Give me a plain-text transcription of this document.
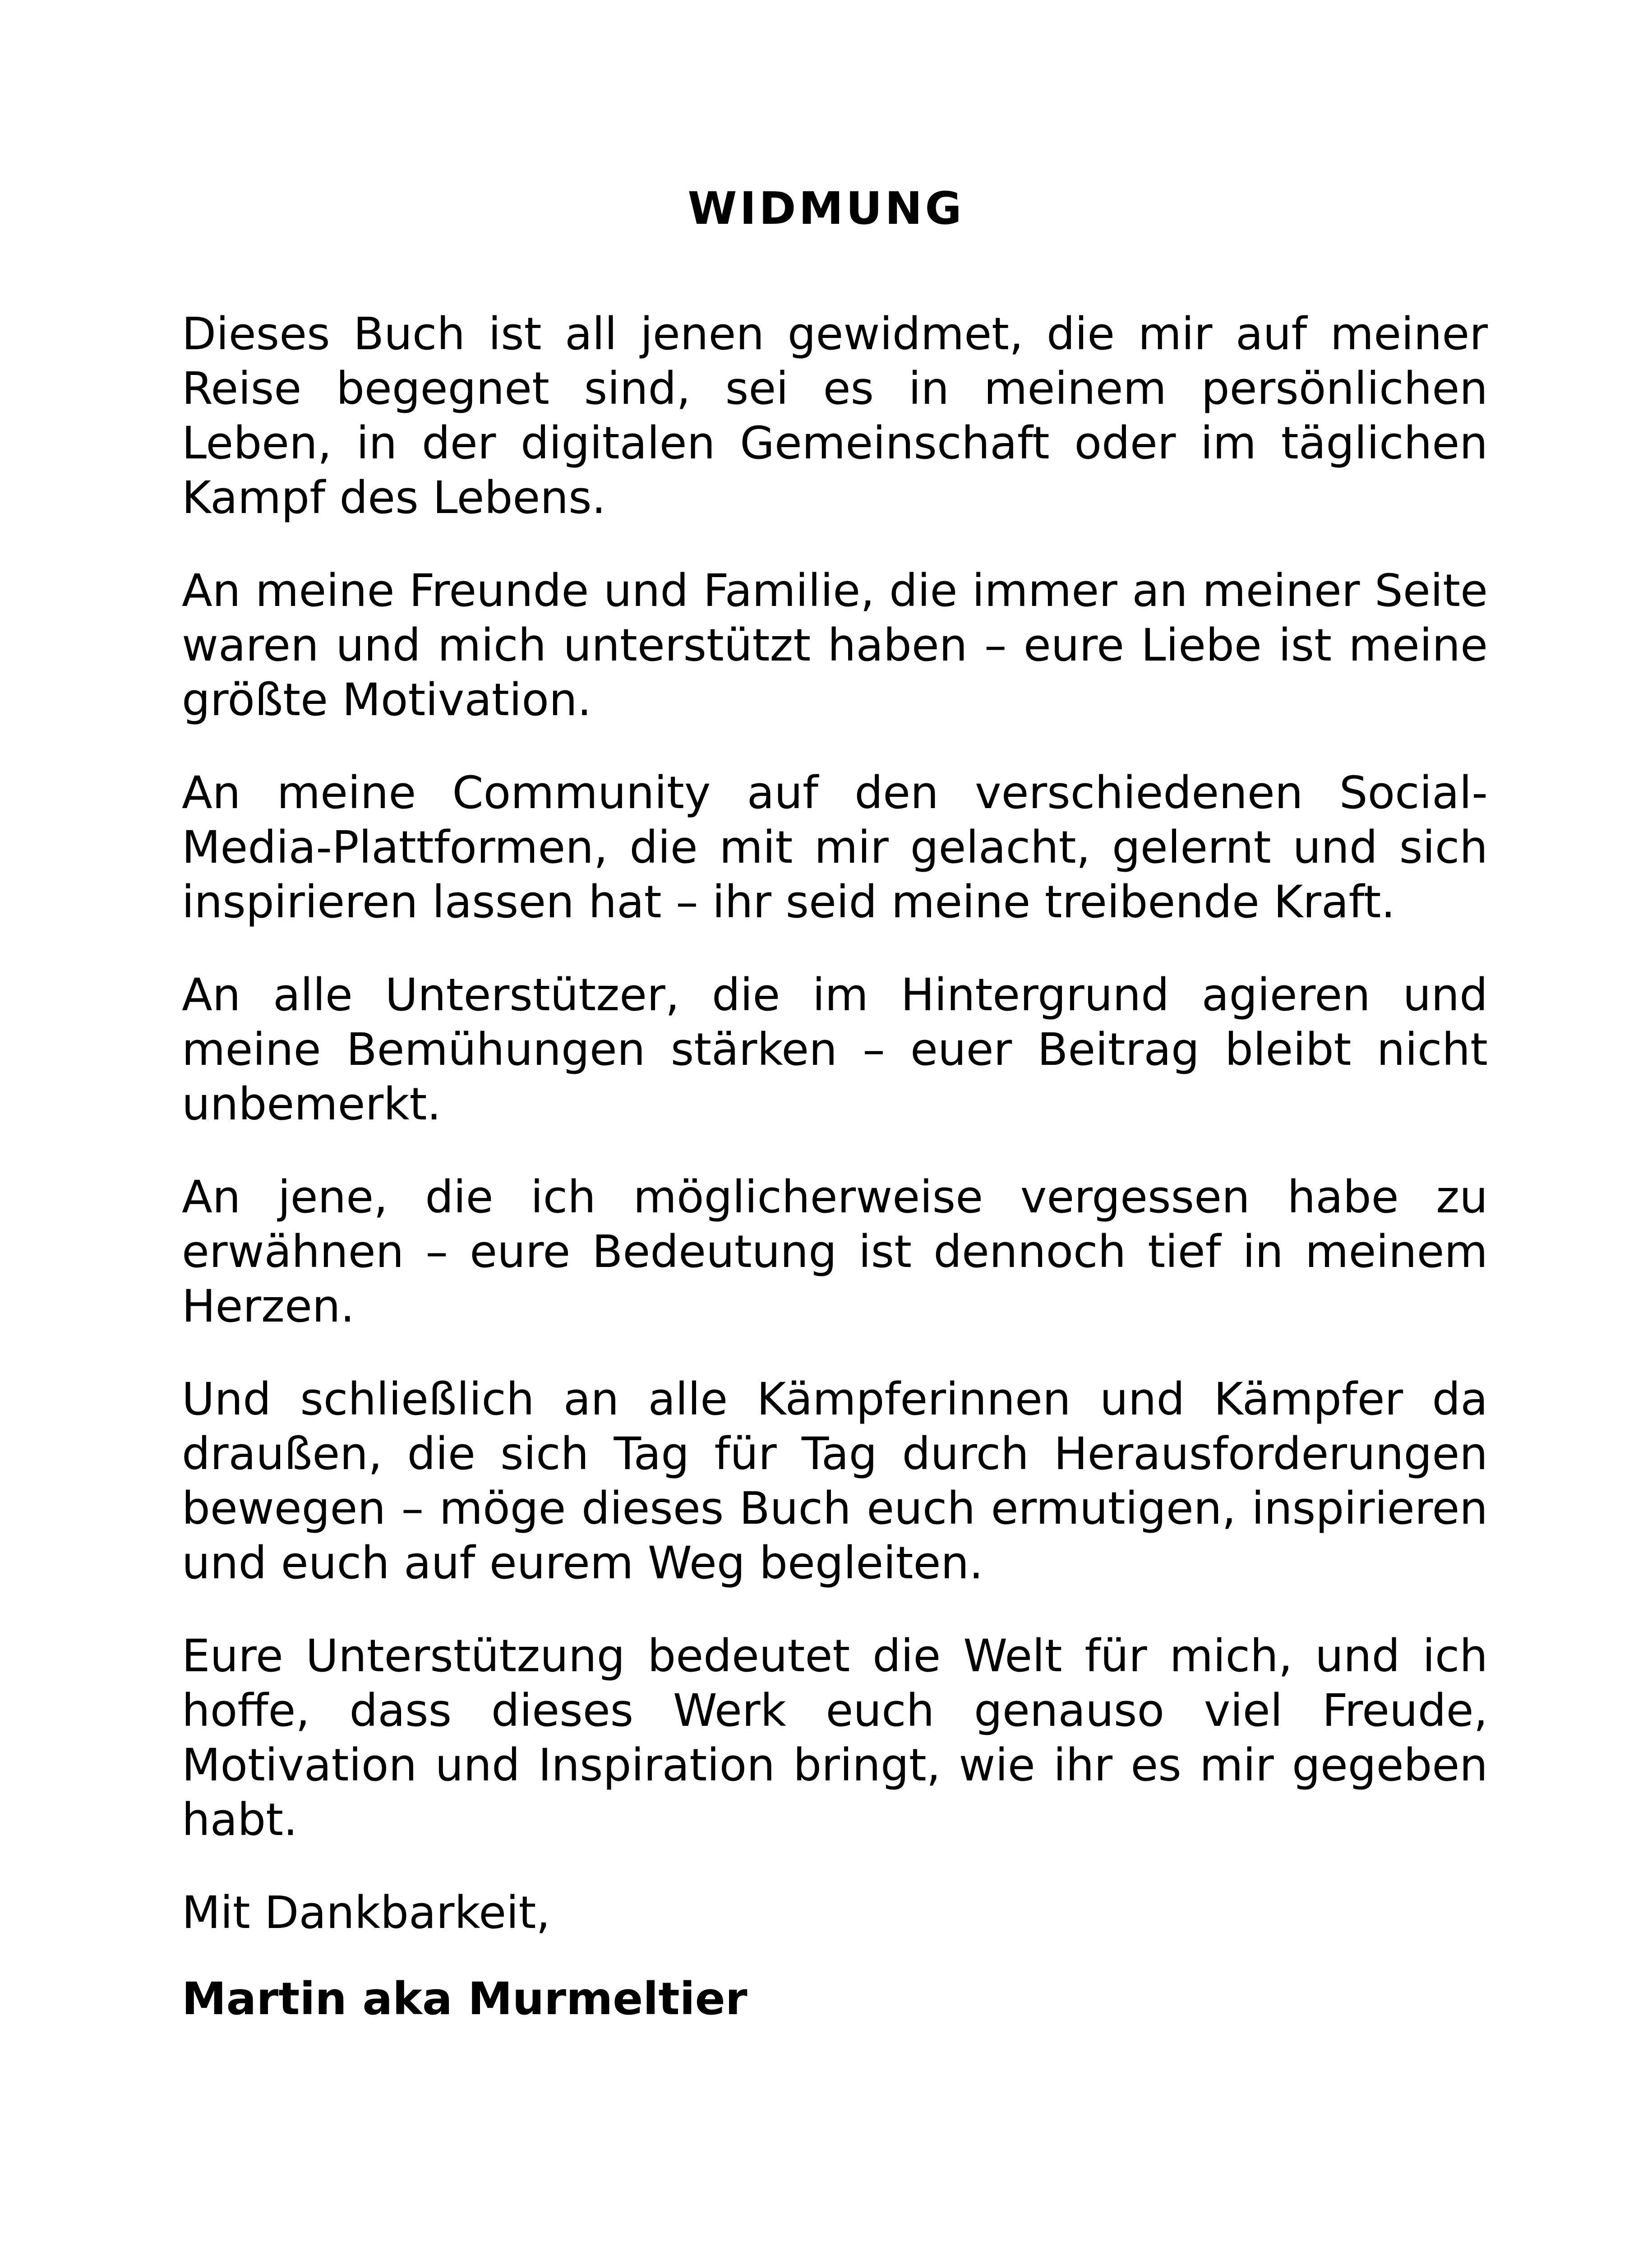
WIDMUNG

Dieses Buch ist all jenen gewidmet, die mir auf meiner Reise begegnet sind, sei es in meinem persönlichen Leben, in der digitalen Gemeinschaft oder im täglichen Kampf des Lebens.

An meine Freunde und Familie, die immer an meiner Seite waren und mich unterstützt haben – eure Liebe ist meine größte Motivation.

An meine Community auf den verschiedenen Social-Media-Plattformen, die mit mir gelacht, gelernt und sich inspirieren lassen hat – ihr seid meine treibende Kraft.

An alle Unterstützer, die im Hintergrund agieren und meine Bemühungen stärken – euer Beitrag bleibt nicht unbemerkt.

An jene, die ich möglicherweise vergessen habe zu erwähnen – eure Bedeutung ist dennoch tief in meinem Herzen.

Und schließlich an alle Kämpferinnen und Kämpfer da draußen, die sich Tag für Tag durch Herausforderungen bewegen – möge dieses Buch euch ermutigen, inspirieren und euch auf eurem Weg begleiten.

Eure Unterstützung bedeutet die Welt für mich, und ich hoffe, dass dieses Werk euch genauso viel Freude, Motivation und Inspiration bringt, wie ihr es mir gegeben habt.

Mit Dankbarkeit,

Martin aka Murmeltier
